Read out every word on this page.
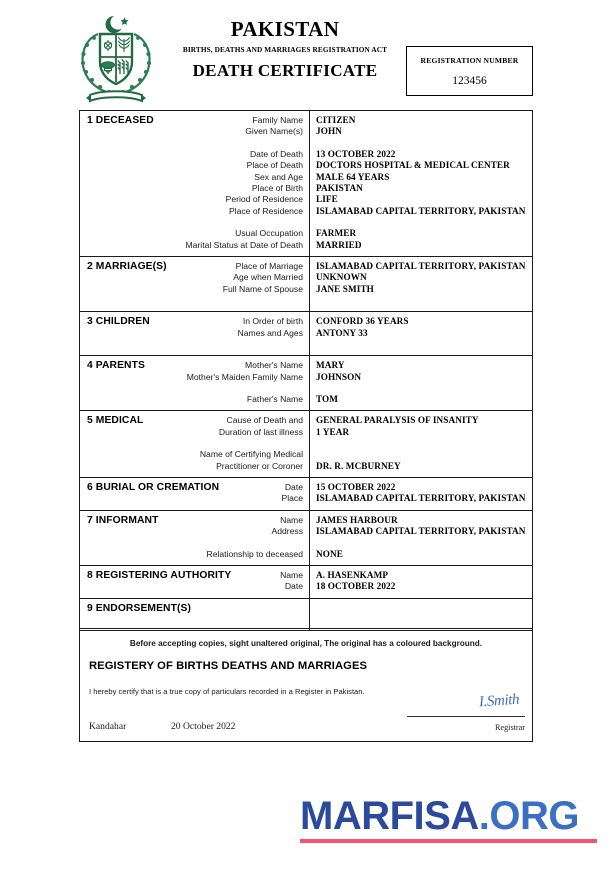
PAKISTAN
BIRTHS, DEATHS AND MARRIAGES REGISTRATION ACT
DEATH CERTIFICATE
REGISTRATION NUMBER
123456
1 DECEASED	Family Name	CITIZEN
Given Name(s)	JOHN
Date of Death	13 OCTOBER 2022
Place of Death	DOCTORS HOSPITAL & MEDICAL CENTER
Sex and Age	MALE 64 YEARS
Place of Birth	PAKISTAN
Period of Residence	LIFE
Place of Residence	ISLAMABAD CAPITAL TERRITORY, PAKISTAN
Usual Occupation	FARMER
Marital Status at Date of Death	MARRIED
2 MARRIAGE(S)	Place of Marriage	ISLAMABAD CAPITAL TERRITORY, PAKISTAN
Age when Married	UNKNOWN
Full Name of Spouse	JANE SMITH
3 CHILDREN	In Order of birth	CONFORD 36 YEARS
Names and Ages	ANTONY 33
4 PARENTS	Mother's Name	MARY
Mother's Maiden Family Name	JOHNSON
Father's Name	TOM
5 MEDICAL	Cause of Death and	GENERAL PARALYSIS OF INSANITY
Duration of last illness	1 YEAR
Name of Certifying Medical
Practitioner or Coroner	DR. R. MCBURNEY
6 BURIAL OR CREMATION	Date	15 OCTOBER 2022
Place	ISLAMABAD CAPITAL TERRITORY, PAKISTAN
7 INFORMANT	Name	JAMES HARBOUR
Address	ISLAMABAD CAPITAL TERRITORY, PAKISTAN
Relationship to deceased	NONE
8 REGISTERING AUTHORITY	Name	A. HASENKAMP
Date	18 OCTOBER 2022
9 ENDORSEMENT(S)
Before accepting copies, sight unaltered original, The original has a coloured background.
REGISTERY OF BIRTHS DEATHS AND MARRIAGES
I hereby certify that is a true copy of particulars recorded in a Register in Pakistan.
Kandahar	20 October 2022
I.Smith
Registrar
MARFISA.ORG
